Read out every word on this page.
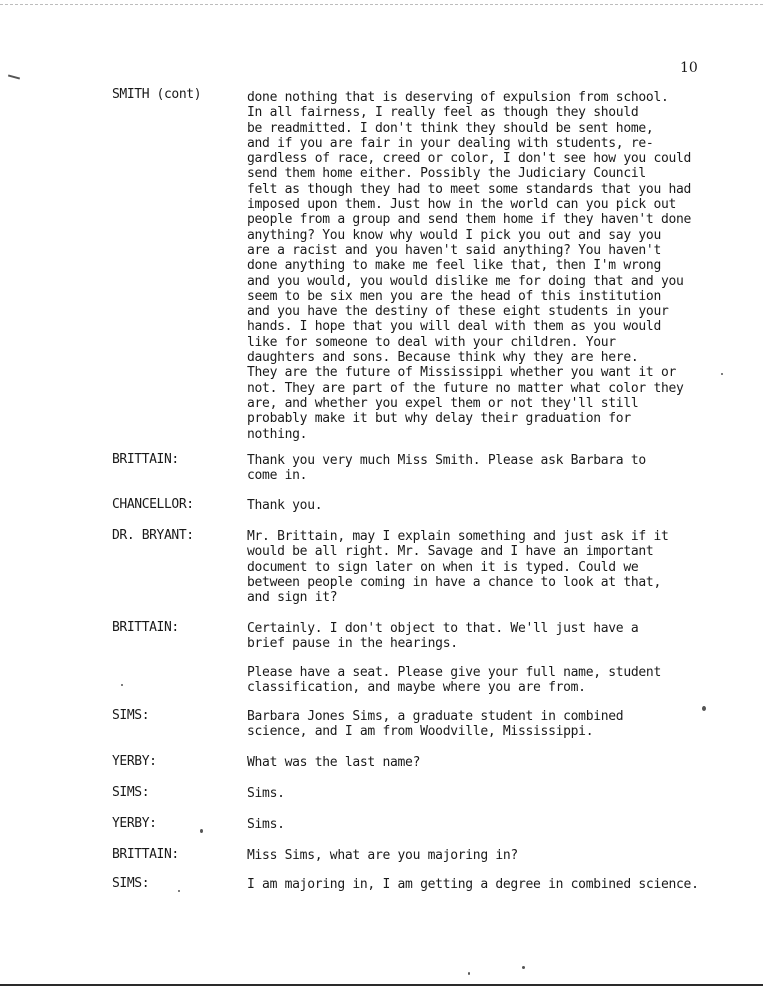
10
SMITH (cont)	done nothing that is deserving of expulsion from school.
In all fairness, I really feel as though they should
be readmitted. I don't think they should be sent home,
and if you are fair in your dealing with students, re-
gardless of race, creed or color, I don't see how you could
send them home either. Possibly the Judiciary Council
felt as though they had to meet some standards that you had
imposed upon them. Just how in the world can you pick out
people from a group and send them home if they haven't done
anything? You know why would I pick you out and say you
are a racist and you haven't said anything? You haven't
done anything to make me feel like that, then I'm wrong
and you would, you would dislike me for doing that and you
seem to be six men you are the head of this institution
and you have the destiny of these eight students in your
hands. I hope that you will deal with them as you would
like for someone to deal with your children. Your
daughters and sons. Because think why they are here.
They are the future of Mississippi whether you want it or
not. They are part of the future no matter what color they
are, and whether you expel them or not they'll still
probably make it but why delay their graduation for
nothing.
BRITTAIN:	Thank you very much Miss Smith. Please ask Barbara to
come in.
CHANCELLOR:	Thank you.
DR. BRYANT:	Mr. Brittain, may I explain something and just ask if it
would be all right. Mr. Savage and I have an important
document to sign later on when it is typed. Could we
between people coming in have a chance to look at that,
and sign it?
BRITTAIN:	Certainly. I don't object to that. We'll just have a
brief pause in the hearings.
Please have a seat. Please give your full name, student
classification, and maybe where you are from.
SIMS:	Barbara Jones Sims, a graduate student in combined
science, and I am from Woodville, Mississippi.
YERBY:	What was the last name?
SIMS:	Sims.
YERBY:	Sims.
BRITTAIN:	Miss Sims, what are you majoring in?
SIMS:	I am majoring in, I am getting a degree in combined science.
